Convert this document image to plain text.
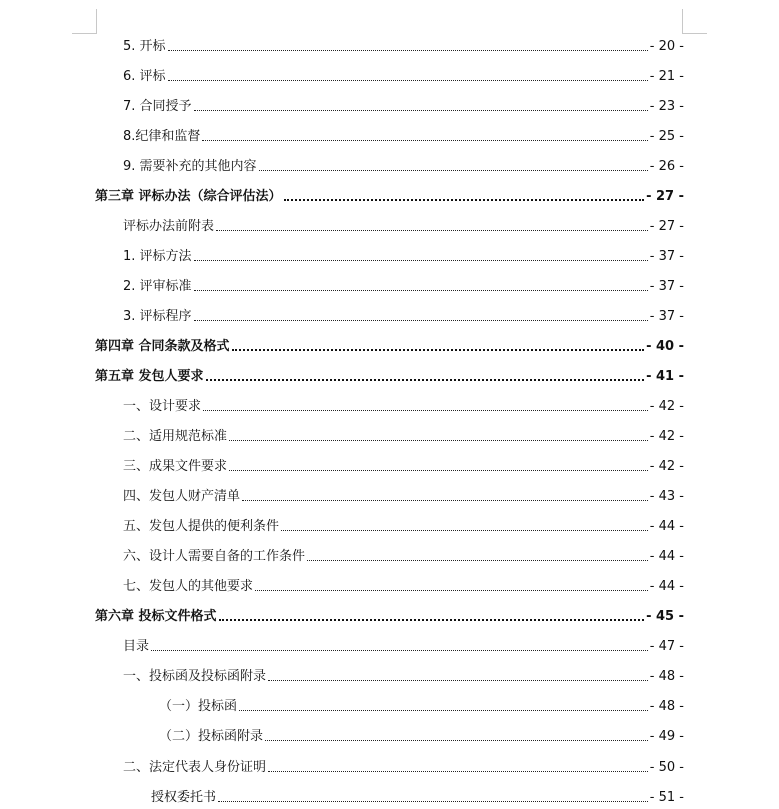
5. 开标	- 20 -
6. 评标	- 21 -
7. 合同授予	- 23 -
8.纪律和监督	- 25 -
9. 需要补充的其他内容	- 26 -
第三章 评标办法（综合评估法）	- 27 -
评标办法前附表	- 27 -
1. 评标方法	- 37 -
2. 评审标准	- 37 -
3. 评标程序	- 37 -
第四章 合同条款及格式	- 40 -
第五章 发包人要求	- 41 -
一、设计要求	- 42 -
二、适用规范标准	- 42 -
三、成果文件要求	- 42 -
四、发包人财产清单	- 43 -
五、发包人提供的便利条件	- 44 -
六、设计人需要自备的工作条件	- 44 -
七、发包人的其他要求	- 44 -
第六章 投标文件格式	- 45 -
目录	- 47 -
一、投标函及投标函附录	- 48 -
（一）投标函	- 48 -
（二）投标函附录	- 49 -
二、法定代表人身份证明	- 50 -
授权委托书	- 51 -
